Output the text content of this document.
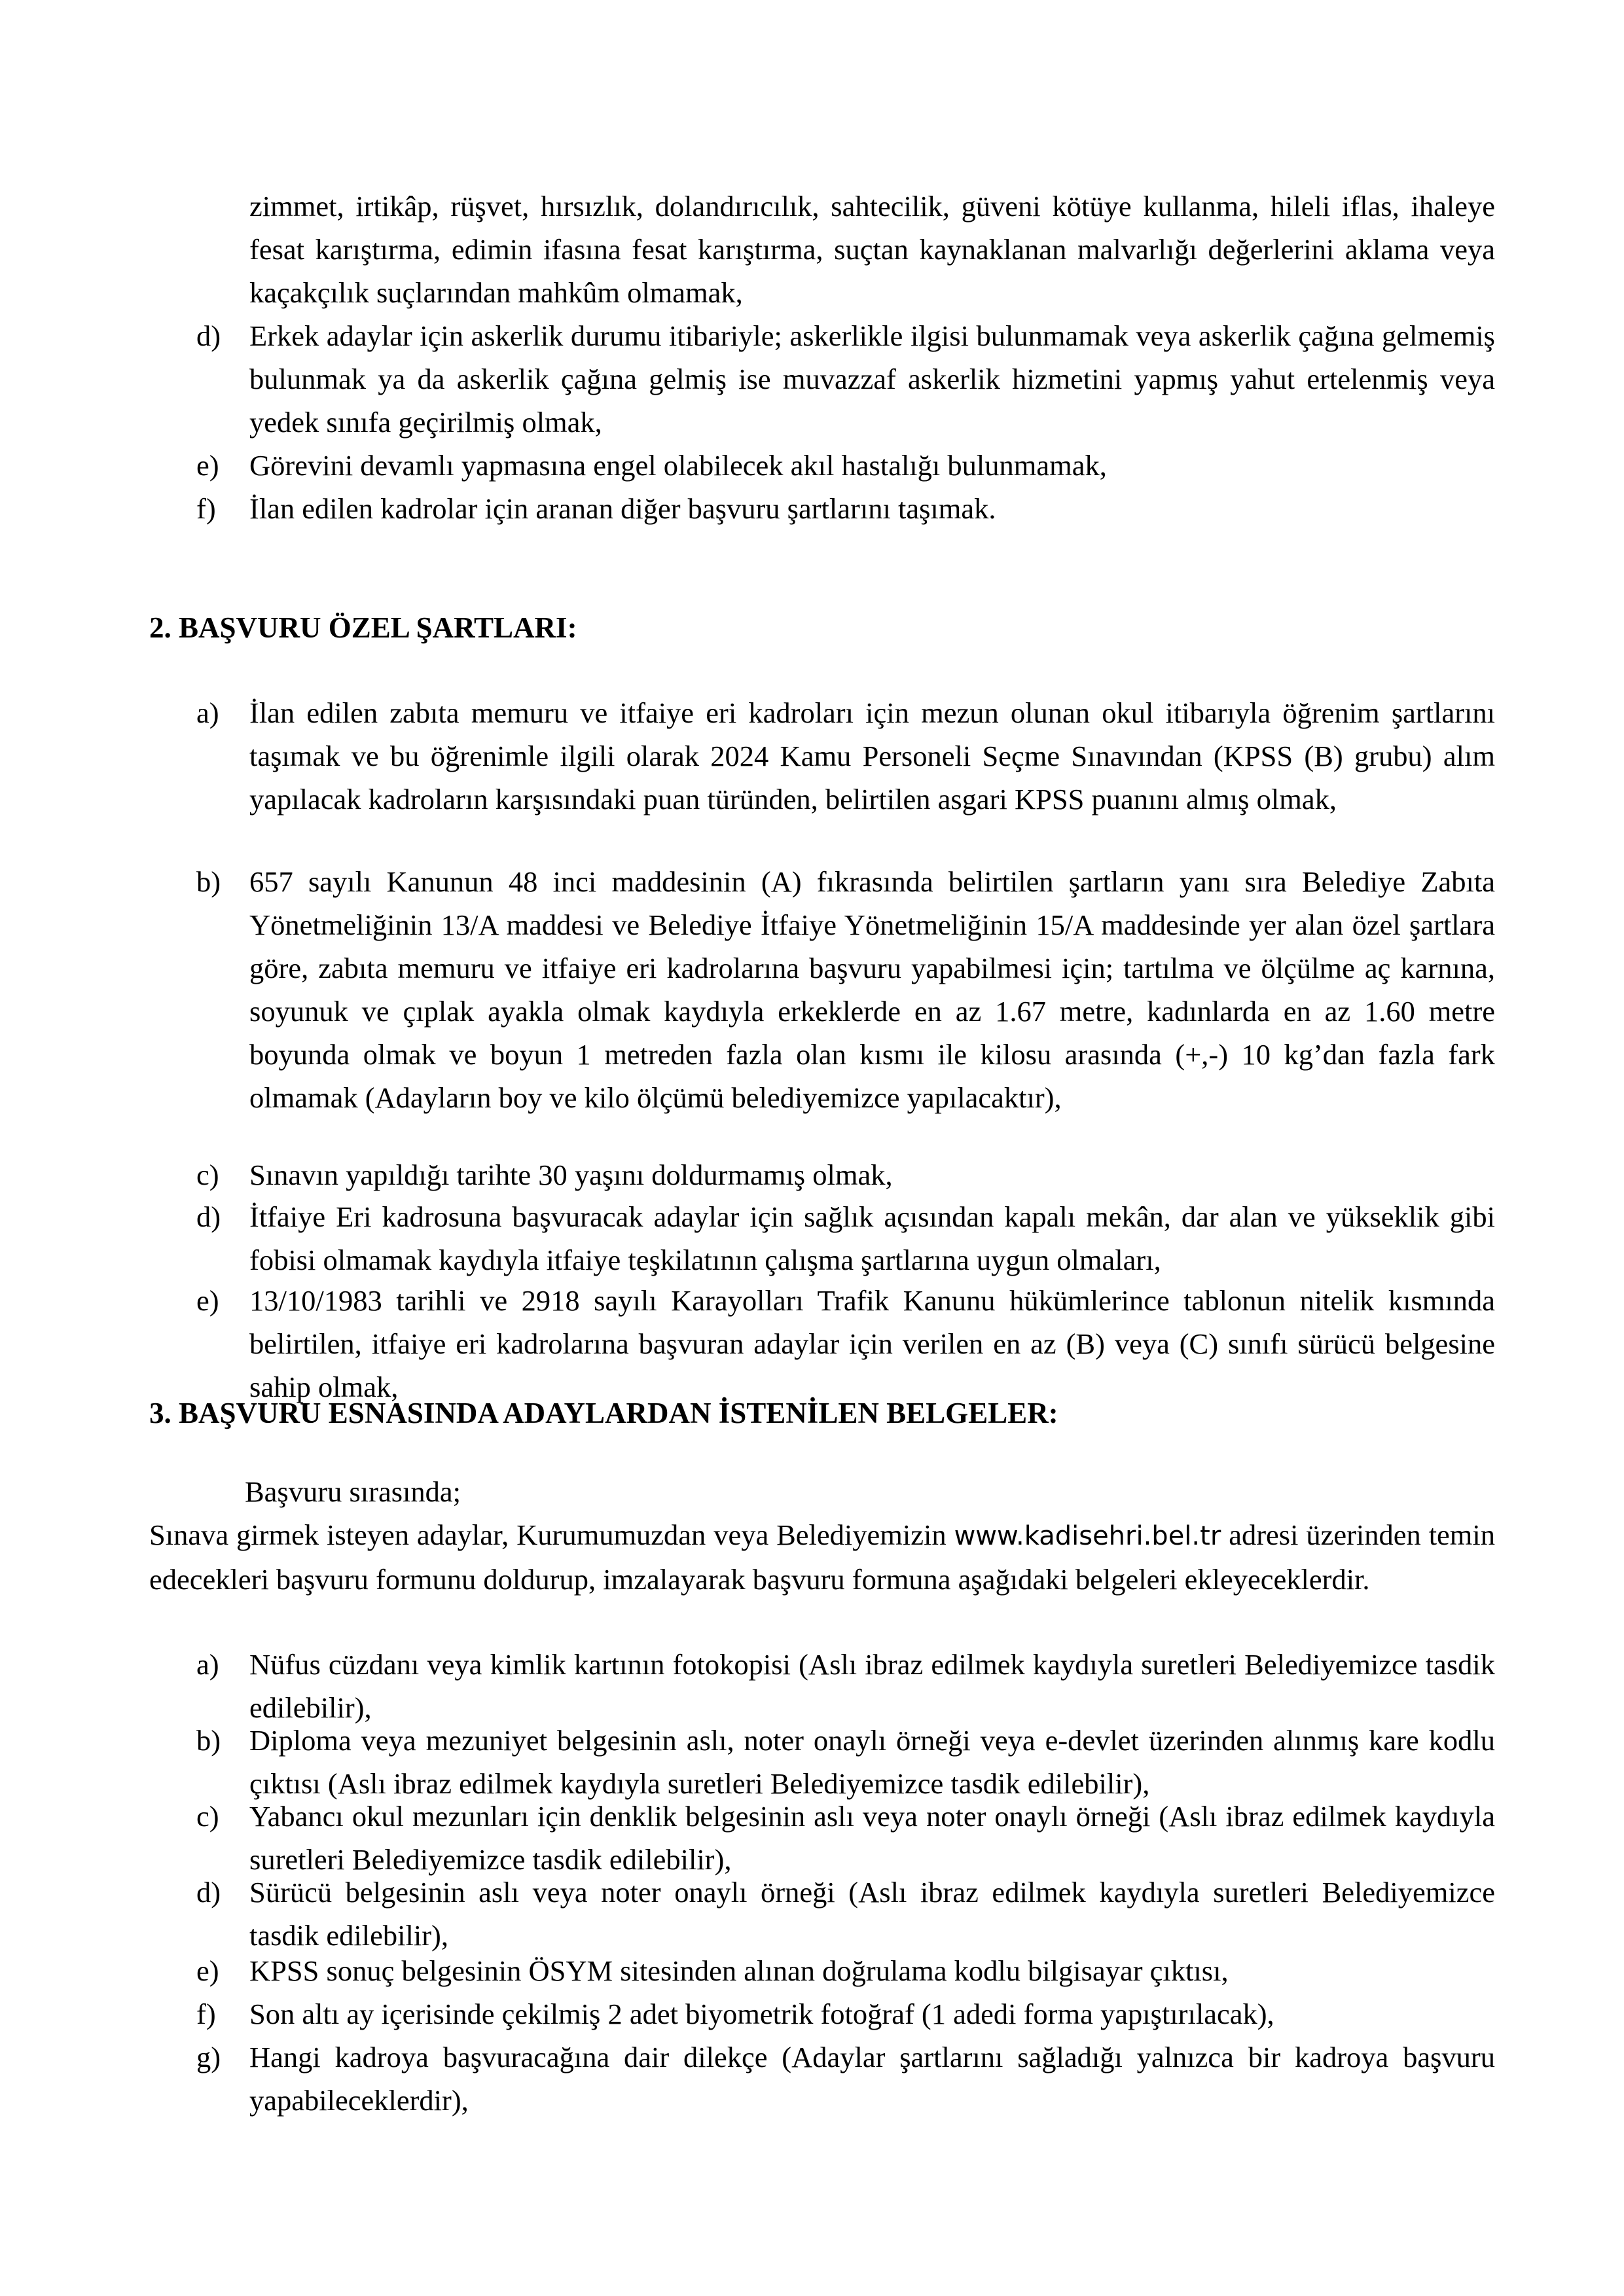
zimmet, irtikâp, rüşvet, hırsızlık, dolandırıcılık, sahtecilik, güveni kötüye kullanma, hileli iflas, ihaleye fesat karıştırma, edimin ifasına fesat karıştırma, suçtan kaynaklanan malvarlığı değerlerini aklama veya kaçakçılık suçlarından mahkûm olmamak,

d) Erkek adaylar için askerlik durumu itibariyle; askerlikle ilgisi bulunmamak veya askerlik çağına gelmemiş bulunmak ya da askerlik çağına gelmiş ise muvazzaf askerlik hizmetini yapmış yahut ertelenmiş veya yedek sınıfa geçirilmiş olmak,

e) Görevini devamlı yapmasına engel olabilecek akıl hastalığı bulunmamak,

f) İlan edilen kadrolar için aranan diğer başvuru şartlarını taşımak.

2. BAŞVURU ÖZEL ŞARTLARI:
a) İlan edilen zabıta memuru ve itfaiye eri kadroları için mezun olunan okul itibarıyla öğrenim şartlarını taşımak ve bu öğrenimle ilgili olarak 2024 Kamu Personeli Seçme Sınavından (KPSS (B) grubu) alım yapılacak kadroların karşısındaki puan türünden, belirtilen asgari KPSS puanını almış olmak,

b) 657 sayılı Kanunun 48 inci maddesinin (A) fıkrasında belirtilen şartların yanı sıra Belediye Zabıta Yönetmeliğinin 13/A maddesi ve Belediye İtfaiye Yönetmeliğinin 15/A maddesinde yer alan özel şartlara göre, zabıta memuru ve itfaiye eri kadrolarına başvuru yapabilmesi için; tartılma ve ölçülme aç karnına, soyunuk ve çıplak ayakla olmak kaydıyla erkeklerde en az 1.67 metre, kadınlarda en az 1.60 metre boyunda olmak ve boyun 1 metreden fazla olan kısmı ile kilosu arasında (+,-) 10 kg’dan fazla fark olmamak (Adayların boy ve kilo ölçümü belediyemizce yapılacaktır),

c) Sınavın yapıldığı tarihte 30 yaşını doldurmamış olmak,

d) İtfaiye Eri kadrosuna başvuracak adaylar için sağlık açısından kapalı mekân, dar alan ve yükseklik gibi fobisi olmamak kaydıyla itfaiye teşkilatının çalışma şartlarına uygun olmaları,

e) 13/10/1983 tarihli ve 2918 sayılı Karayolları Trafik Kanunu hükümlerince tablonun nitelik kısmında belirtilen, itfaiye eri kadrolarına başvuran adaylar için verilen en az (B) veya (C) sınıfı sürücü belgesine sahip olmak,

3. BAŞVURU ESNASINDA ADAYLARDAN İSTENİLEN BELGELER:

Başvuru sırasında;

Sınava girmek isteyen adaylar, Kurumumuzdan veya Belediyemizin www.kadisehri.bel.tr adresi üzerinden temin edecekleri başvuru formunu doldurup, imzalayarak başvuru formuna aşağıdaki belgeleri ekleyeceklerdir.

a) Nüfus cüzdanı veya kimlik kartının fotokopisi (Aslı ibraz edilmek kaydıyla suretleri Belediyemizce tasdik edilebilir),

b) Diploma veya mezuniyet belgesinin aslı, noter onaylı örneği veya e-devlet üzerinden alınmış kare kodlu çıktısı (Aslı ibraz edilmek kaydıyla suretleri Belediyemizce tasdik edilebilir),

c) Yabancı okul mezunları için denklik belgesinin aslı veya noter onaylı örneği (Aslı ibraz edilmek kaydıyla suretleri Belediyemizce tasdik edilebilir),

d) Sürücü belgesinin aslı veya noter onaylı örneği (Aslı ibraz edilmek kaydıyla suretleri Belediyemizce tasdik edilebilir),

e) KPSS sonuç belgesinin ÖSYM sitesinden alınan doğrulama kodlu bilgisayar çıktısı,

f) Son altı ay içerisinde çekilmiş 2 adet biyometrik fotoğraf (1 adedi forma yapıştırılacak),

g) Hangi kadroya başvuracağına dair dilekçe (Adaylar şartlarını sağladığı yalnızca bir kadroya başvuru yapabileceklerdir),
